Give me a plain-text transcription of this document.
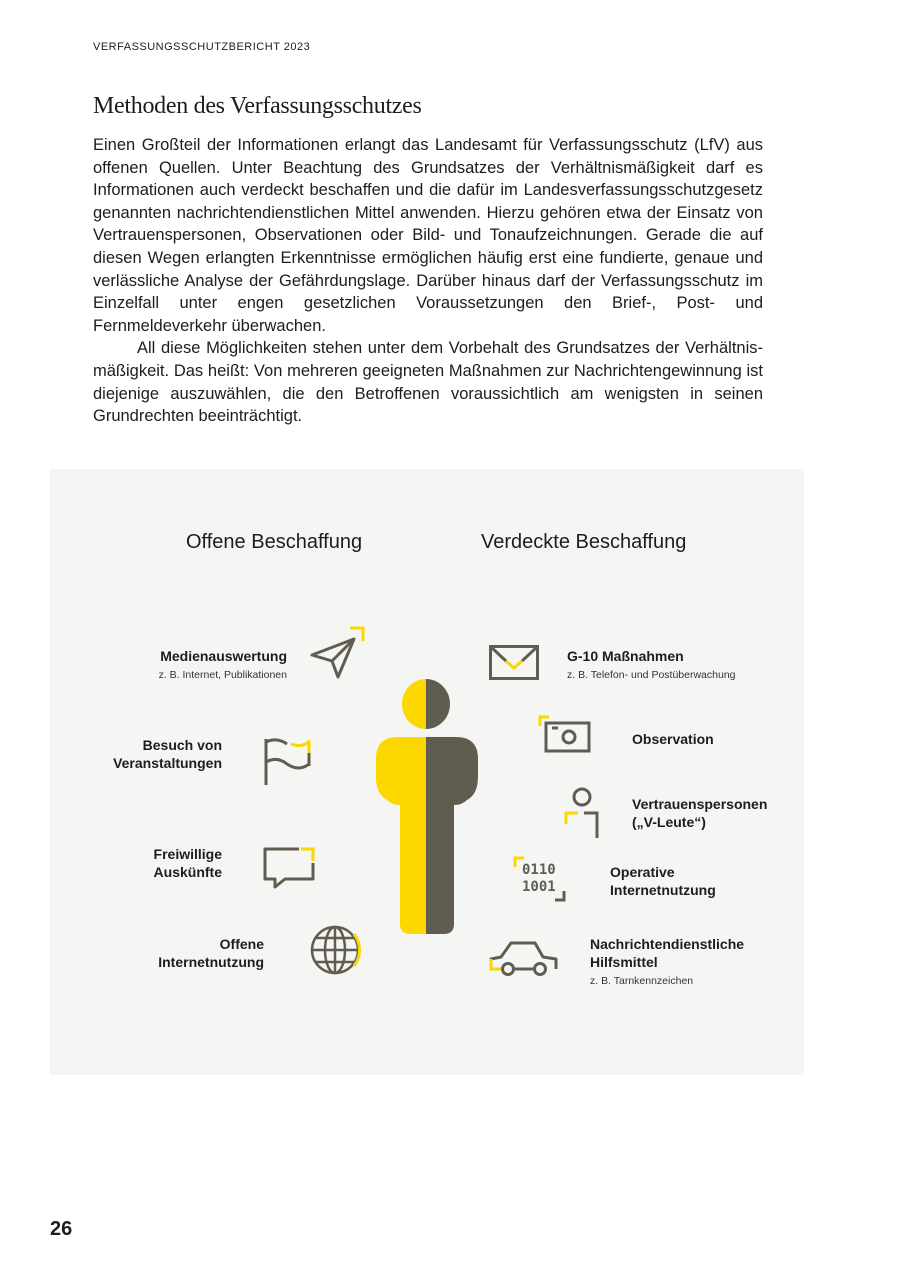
VERFASSUNGSSCHUTZBERICHT 2023
Methoden des Verfassungsschutzes

Einen Großteil der Informationen erlangt das Landesamt für Verfassungsschutz (LfV) aus offenen Quellen. Unter Beachtung des Grundsatzes der Verhältnismäßigkeit darf es Informationen auch verdeckt beschaffen und die dafür im Landesverfassungsschutzgesetz genannten nachrichtendienstlichen Mittel anwenden. Hierzu gehören etwa der Einsatz von Vertrauenspersonen, Observationen oder Bild- und Tonaufzeichnungen. Gerade die auf diesen Wegen erlangten Erkenntnisse ermöglichen häufig erst eine fundierte, genaue und verlässliche Analyse der Gefährdungslage. Darüber hinaus darf der Verfassungsschutz im Einzelfall unter engen gesetzlichen Voraussetzungen den Brief-, Post- und Fernmeldeverkehr überwachen.

All diese Möglichkeiten stehen unter dem Vorbehalt des Grundsatzes der Verhältnismäßigkeit. Das heißt: Von mehreren geeigneten Maßnahmen zur Nachrichtengewinnung ist diejenige auszuwählen, die den Betroffenen voraussichtlich am wenigsten in seinen Grundrechten beeinträchtigt.

Offene Beschaffung	Verdeckte Beschaffung
Medienauswertung
z. B. Internet, Publikationen
Besuch von
Veranstaltungen
Freiwillige
Auskünfte
Offene
Internetnutzung
G-10 Maßnahmen
z. B. Telefon- und Postüberwachung
Observation
Vertrauenspersonen
(„V-Leute“)
0110
1001
Operative
Internetnutzung
Nachrichtendienstliche
Hilfsmittel
z. B. Tarnkennzeichen
26
